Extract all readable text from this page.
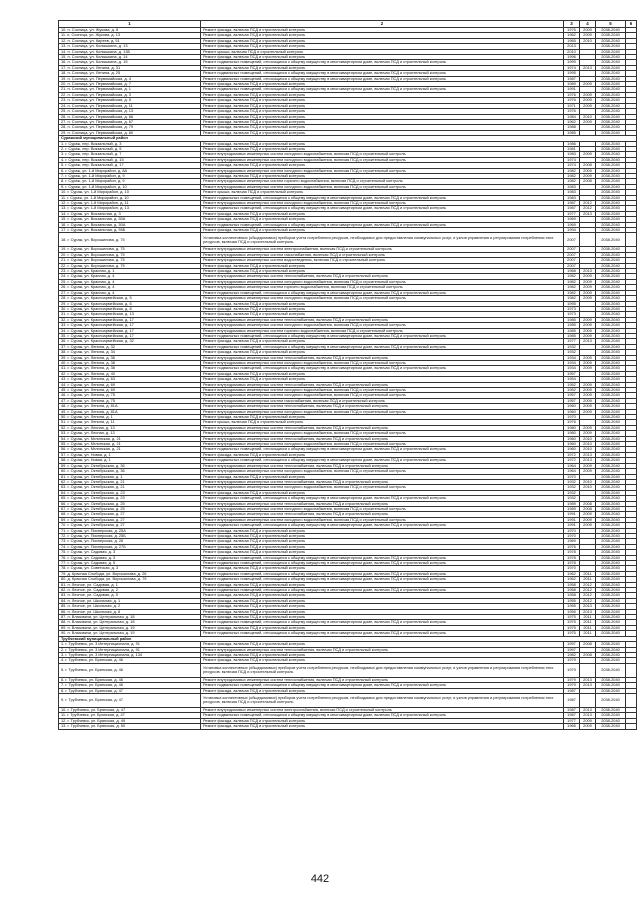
1	2	3	4	5	6
10. п. Сосница, ул. Жукова, д. 8	Ремонт фасада, включая ПСД и строительный контроль	1976	2009	2038-2040	
11. п. Сосница, ул. Жукова, д. 13	Ремонт фасада, включая ПСД и строительный контроль	1962	2009	2038-2040	
12. п. Сосница, ул. Киреев, д. 51	Ремонт фасада, включая ПСД и строительный контроль	1965	2010	2038-2040	
13. п. Сосница, ул. Колышкина, д. 13	Ремонт фасада, включая ПСД и строительный контроль	2013		2038-2040	
14. п. Сосница, ул. Колышкина, д. 13Б	Ремонт крыши, включая ПСД и строительный контроль	2010		2038-2040	
15. п. Сосница, ул. Колышкина, д. 14	Ремонт фасада, включая ПСД и строительный контроль	1996		2038-2040	
16. п. Сосница, ул. Колышкина, д. 15	Ремонт подвальных помещений, относящихся к общему имуществу в многоквартирном доме, включая ПСД и строительный контроль	1999		2038-2040	
17. п. Сосница, ул. Ленина, д. 31	Ремонт фасада, включая ПСД и строительный контроль	1974	2013	2038-2040	
18. п. Сосница, ул. Ленина, д. 25	Ремонт подвальных помещений, относящихся к общему имуществу в многоквартирном доме, включая ПСД и строительный контроль	1995		2038-2040	
19. п. Сосница, ул. Первомайская, д. 4	Ремонт подвальных помещений, относящихся к общему имуществу в многоквартирном доме, включая ПСД и строительный контроль	1987		2038-2040	
20. п. Сосница, ул. Первомайская, д. 7	Ремонт фасада, включая ПСД и строительный контроль	1989	2009	2038-2040	
21. п. Сосница, ул. Первомайская, д. 1	Ремонт подвальных помещений, относящихся к общему имуществу в многоквартирном доме, включая ПСД и строительный контроль	1991		2038-2040	
22. п. Сосница, ул. Первомайская, д. 3	Ремонт фасада, включая ПСД и строительный контроль	1976	2009	2038-2040	
23. п. Сосница, ул. Первомайская, д. 5	Ремонт фасада, включая ПСД и строительный контроль	1976	2009	2038-2040	
24. п. Сосница, ул. Первомайская, д. 11	Ремонт фасада, включая ПСД и строительный контроль	1971	2009	2038-2040	
25. п. Сосница, ул. Первомайская, д. 13	Ремонт фасада, включая ПСД и строительный контроль	1976		2038-2040	
26. п. Сосница, ул. Первомайская, д. 66	Ремонт фасада, включая ПСД и строительный контроль	1984	2010	2038-2040	
27. п. Сосница, ул. Первомайская, д. 67	Ремонт фасада, включая ПСД и строительный контроль	1962	2009	2038-2040	
28. п. Сосница, ул. Первомайская, д. 79	Ремонт фасада, включая ПСД и строительный контроль	1988		2038-2040	
29. п. Сосница, ул. Первомайская, д. 80	Ремонт фасада, включая ПСД и строительный контроль	1985		2038-2040	
Суражский муниципальный район					
1. г. Сураж, пер. Вокзальный, д. 3	Ремонт фасада, включая ПСД и строительный контроль	1986		2038-2040	
2. г. Сураж, пер. Вокзальный, д. 5	Ремонт фасада, включая ПСД и строительный контроль	1981		2038-2040	
3. г. Сураж, пер. Вокзальный, д. 7	Ремонт внутридомовых инженерных систем холодного водоснабжения, включая ПСД и строительный контроль	1983	2009	2038-2040	
4. г. Сураж, пер. Вокзальный, д. 15	Ремонт внутридомовых инженерных систем холодного водоснабжения, включая ПСД и строительный контроль	1974		2038-2040	
5. г. Сураж, пер. Вокзальный, д. 17	Ремонт фасада, включая ПСД и строительный контроль	1974	2008	2038-2040	
6. г. Сураж, ул. 1-й Мирорайон, д. 8А	Ремонт внутридомовых инженерных систем холодного водоснабжения, включая ПСД и строительный контроль	1982	2009	2038-2040	
7. г. Сураж, ул. 1-й Мирорайон, д. 9	Ремонт фасада, включая ПСД и строительный контроль	1982	2009	2038-2040	
8. г. Сураж, ул. 1-й Мирорайон, д. 9	Ремонт внутридомовых инженерных систем горячего водоснабжения, включая ПСД и строительный контроль	1982	2008	2038-2040	
9. г. Сураж, ул. 1-й Мирорайон, д. 10	Ремонт внутридомовых инженерных систем холодного водоснабжения, включая ПСД и строительный контроль	1983		2038-2040	
10. г. Сураж, ул. 1-й Мирорайон, д. 10	Ремонт крыши, включая ПСД и строительный контроль	1983		2038-2040	
11. г. Сураж, ул. 1-й Мирорайон, д. 10	Ремонт подвальных помещений, относящихся к общему имуществу в многоквартирном доме, включая ПСД и строительный контроль	1983		2038-2040	
12. г. Сураж, ул. 1-й Мирорайон, д. 11	Ремонт внутридомовых инженерных систем холодного водоснабжения, включая ПСД и строительный контроль	1987	2012	2038-2040	
13. г. Сураж, ул. 1-й Мирорайон, д. 13	Ремонт подвальных помещений, относящихся к общему имуществу в многоквартирном доме, включая ПСД и строительный контроль	1987	2012	2038-2040	
14. г. Сураж, ул. Вокзальная, д. 3	Ремонт фасада, включая ПСД и строительный контроль	1977	2013	2038-2040	
15. г. Сураж, ул. Вокзальная, д. 50А	Ремонт фасада, включая ПСД и строительный контроль	1969		2038-2040	
16. г. Сураж, ул. Вокзальная, д. 50А	Ремонт подвальных помещений, относящихся к общему имуществу в многоквартирном доме, включая ПСД и строительный контроль	1969		2038-2040	
17. г. Сураж, ул. Вокзальная, д. 55Б	Ремонт фасада, включая ПСД и строительный контроль	1994		2038-2040	
18. г. Сураж, ул. Ворошилова, д. 75	Установка коллективных (общедомовых) приборов учета потребления ресурсов, необходимых для предоставления коммунальных услуг, и узлов управления и регулирования потребления этих ресурсов, включая ПСД и строительный контроль	2007		2038-2040	
19. г. Сураж, ул. Ворошилова, д. 75	Ремонт внутридомовых инженерных систем электроснабжения, включая ПСД и строительный контроль	2007		2038-2040	
20. г. Сураж, ул. Ворошилова, д. 75	Ремонт внутридомовых инженерных систем газоснабжения, включая ПСД и строительный контроль	2007		2038-2040	
21. г. Сураж, ул. Ворошилова, д. 75	Ремонт внутридомовых инженерных систем водоотведения, включая ПСД и строительный контроль	2007		2038-2040	
22. г. Сураж, ул. Ворошилова, д. 75	Ремонт фасада, включая ПСД и строительный контроль	2007		2038-2040	
23. г. Сураж, ул. Красная, д. 1	Ремонт фасада, включая ПСД и строительный контроль	1968	2013	2038-2040	
24. г. Сураж, ул. Красная, д. 4	Ремонт внутридомовых инженерных систем теплоснабжения, включая ПСД и строительный контроль	1982	2009	2038-2040	
25. г. Сураж, ул. Красная, д. 4	Ремонт внутридомовых инженерных систем холодного водоснабжения, включая ПСД и строительный контроль	1982	2009	2038-2040	
26. г. Сураж, ул. Красная, д. 4	Ремонт внутридомовых инженерных систем горячего водоснабжения, включая ПСД и строительный контроль	1982	2009	2038-2040	
27. г. Сураж, ул. Красная, д. 4	Ремонт подвальных помещений, относящихся к общему имуществу в многоквартирном доме, включая ПСД и строительный контроль	1982	2009	2038-2040	
28. г. Сураж, ул. Красноармейская, д. 5	Ремонт внутридомовых инженерных систем холодного водоснабжения, включая ПСД и строительный контроль	1982	2009	2038-2040	
29. г. Сураж, ул. Красноармейская, д. 6	Ремонт фасада, включая ПСД и строительный контроль	1995		2038-2040	
30. г. Сураж, ул. Красноармейская, д. 8	Ремонт фасада, включая ПСД и строительный контроль	1973		2038-2040	
31. г. Сураж, ул. Красноармейская, д. 13	Ремонт фасада, включая ПСД и строительный контроль	1973		2038-2040	
32. г. Сураж, ул. Красноармейская, д. 17	Ремонт внутридомовых инженерных систем теплоснабжения, включая ПСД и строительный контроль	1985	2009	2038-2040	
33. г. Сураж, ул. Красноармейская, д. 17	Ремонт внутридомовых инженерных систем холодного водоснабжения, включая ПСД и строительный контроль	1985	2009	2038-2040	
34. г. Сураж, ул. Красноармейская, д. 17	Ремонт внутридомовых инженерных систем горячего водоснабжения, включая ПСД и строительный контроль	1985	2009	2038-2040	
35. г. Сураж, ул. Красноармейская, д. 17	Ремонт подвальных помещений, относящихся к общему имуществу в многоквартирном доме, включая ПСД и строительный контроль	1985	2009	2038-2040	
36. г. Сураж, ул. Красноармейская, д. 32	Ремонт фасада, включая ПСД и строительный контроль	1977	2013	2038-2040	
37. г. Сураж, ул. Ленина, д. 32	Ремонт подвальных помещений, относящихся к общему имуществу в многоквартирном доме, включая ПСД и строительный контроль	1932		2038-2040	
38. г. Сураж, ул. Ленина, д. 34	Ремонт фасада, включая ПСД и строительный контроль	1932		2038-2040	
39. г. Сураж, ул. Ленина, д. 36	Ремонт внутридомовых инженерных систем теплоснабжения, включая ПСД и строительный контроль	1934	2009	2038-2040	
40. г. Сураж, ул. Ленина, д. 38	Ремонт внутридомовых инженерных систем холодного водоснабжения, включая ПСД и строительный контроль	1934	2009	2038-2040	
41. г. Сураж, ул. Ленина, д. 38	Ремонт подвальных помещений, относящихся к общему имуществу в многоквартирном доме, включая ПСД и строительный контроль	1934	2009	2038-2040	
42. г. Сураж, ул. Ленина, д. 40	Ремонт фасада, включая ПСД и строительный контроль	1957		2038-2040	
43. г. Сураж, ул. Ленина, д. 63	Ремонт фасада, включая ПСД и строительный контроль	1954		2038-2040	
44. г. Сураж, ул. Ленина, д. 69	Ремонт внутридомовых инженерных систем теплоснабжения, включая ПСД и строительный контроль	1952	2009	2038-2040	
45. г. Сураж, ул. Ленина, д. 69	Ремонт внутридомовых инженерных систем холодного водоснабжения, включая ПСД и строительный контроль	1952	2009	2038-2040	
46. г. Сураж, ул. Ленина, д. 75	Ремонт внутридомовых инженерных систем холодного водоснабжения, включая ПСД и строительный контроль	1957	2009	2038-2040	
47. г. Сураж, ул. Ленина, д. 75	Ремонт внутридомовых инженерных систем газоснабжения, включая ПСД и строительный контроль	1957	2009	2038-2040	
48. г. Сураж, ул. Ленина, д. 81А	Ремонт внутридомовых инженерных систем теплоснабжения, включая ПСД и строительный контроль	1960	2009	2038-2040	
49. г. Сураж, ул. Ленина, д. 81А	Ремонт внутридомовых инженерных систем холодного водоснабжения, включая ПСД и строительный контроль	1960	2009	2038-2040	
50. г. Сураж, ул. Ленина, д. 1	Ремонт фасада, включая ПСД и строительный контроль	1970		2038-2040	
51. г. Сураж, ул. Ленина, д. 11	Ремонт крыши, включая ПСД и строительный контроль	1976		2038-2040	
52. г. Сураж, ул. Лесная, д. 13	Ремонт внутридомовых инженерных систем теплоснабжения, включая ПСД и строительный контроль	1980	2009	2038-2040	
53. г. Сураж, ул. Лесная, д. 13	Ремонт внутридомовых инженерных систем холодного водоснабжения, включая ПСД и строительный контроль	1980	2009	2038-2040	
54. г. Сураж, ул. Мглинская, д. 21	Ремонт внутридомовых инженерных систем теплоснабжения, включая ПСД и строительный контроль	1960	2010	2038-2040	
55. г. Сураж, ул. Мглинская, д. 21	Ремонт внутридомовых инженерных систем холодного водоснабжения, включая ПСД и строительный контроль	1960	2010	2038-2040	
56. г. Сураж, ул. Мглинская, д. 21	Ремонт подвальных помещений, относящихся к общему имуществу в многоквартирном доме, включая ПСД и строительный контроль	1960	2010	2038-2040	
57. г. Сураж, ул. Новая, д. 1	Ремонт фасада, включая ПСД и строительный контроль	1972	2013	2038-2040	
58. г. Сураж, ул. Новая, д. 1	Ремонт подвальных помещений, относящихся к общему имуществу в многоквартирном доме, включая ПСД и строительный контроль	1972	2013	2038-2040	
59. г. Сураж, ул. Октябрьская, д. 36	Ремонт внутридомовых инженерных систем теплоснабжения, включая ПСД и строительный контроль	1964	2009	2038-2040	
60. г. Сураж, ул. Октябрьская, д. 36	Ремонт внутридомовых инженерных систем холодного водоснабжения, включая ПСД и строительный контроль	1964	2009	2038-2040	
61. г. Сураж, ул. Октябрьская, д. 1	Ремонт фасада, включая ПСД и строительный контроль	1970		2038-2040	
62. г. Сураж, ул. Октябрьская, д. 21	Ремонт внутридомовых инженерных систем теплоснабжения, включая ПСД и строительный контроль	1932	2010	2038-2040	
63. г. Сураж, ул. Октябрьская, д. 21	Ремонт внутридомовых инженерных систем холодного водоснабжения, включая ПСД и строительный контроль	1932	2010	2038-2040	
64. г. Сураж, ул. Октябрьская, д. 23	Ремонт фасада, включая ПСД и строительный контроль	1932		2038-2040	
65. г. Сураж, ул. Октябрьская, д. 23	Ремонт подвальных помещений, относящихся к общему имуществу в многоквартирном доме, включая ПСД и строительный контроль	1932		2038-2040	
66. г. Сураж, ул. Октябрьская, д. 25	Ремонт внутридомовых инженерных систем теплоснабжения, включая ПСД и строительный контроль	1989	2008	2038-2040	
67. г. Сураж, ул. Октябрьская, д. 25	Ремонт внутридомовых инженерных систем холодного водоснабжения, включая ПСД и строительный контроль	1989	2008	2038-2040	
68. г. Сураж, ул. Октябрьская, д. 27	Ремонт внутридомовых инженерных систем теплоснабжения, включая ПСД и строительный контроль	1991	2009	2038-2040	
69. г. Сураж, ул. Октябрьская, д. 27	Ремонт внутридомовых инженерных систем холодного водоснабжения, включая ПСД и строительный контроль	1991	2009	2038-2040	
70. г. Сураж, ул. Октябрьская, д. 27	Ремонт подвальных помещений, относящихся к общему имуществу в многоквартирном доме, включая ПСД и строительный контроль	1991	2009	2038-2040	
71. г. Сураж, ул. Пионерская, д. 25А	Ремонт фасада, включая ПСД и строительный контроль	1970		2038-2040	
72. г. Сураж, ул. Пионерская, д. 25Б	Ремонт фасада, включая ПСД и строительный контроль	1970		2038-2040	
73. г. Сураж, ул. Пионерская, д. 26	Ремонт фасада, включая ПСД и строительный контроль	1969		2038-2040	
74. г. Сураж, ул. Пионерская, д. 27Б	Ремонт фасада, включая ПСД и строительный контроль	1976		2038-2040	
75. г. Сураж, ул. Садовая, д. 3	Ремонт фасада, включая ПСД и строительный контроль	1978		2038-2040	
76. г. Сураж, ул. Садовая, д. 3	Ремонт подвальных помещений, относящихся к общему имуществу в многоквартирном доме, включая ПСД и строительный контроль	1978		2038-2040	
77. г. Сураж, ул. Садовая, д. 5	Ремонт подвальных помещений, относящихся к общему имуществу в многоквартирном доме, включая ПСД и строительный контроль	1978		2038-2040	
78. г. Сураж, ул. Советская, д. 3	Ремонт фасада, включая ПСД и строительный контроль	1970		2038-2040	
79. д. Красная Слобода, ул. Ворошилова, д. 26	Ремонт подвальных помещений, относящихся к общему имуществу в многоквартирном доме, включая ПСД и строительный контроль	1962	2011	2038-2040	
80. д. Красная Слобода, ул. Ворошилова, д. 79	Ремонт подвальных помещений, относящихся к общему имуществу в многоквартирном доме, включая ПСД и строительный контроль	1962	2011	2038-2040	
81. п. Лесное, ул. Садовая, д. 1	Ремонт фасада, включая ПСД и строительный контроль	1958	2012	2038-2040	
82. п. Лесное, ул. Садовая, д. 2	Ремонт подвальных помещений, относящихся к общему имуществу в многоквартирном доме, включая ПСД и строительный контроль	1958	2012	2038-2040	
83. п. Лесное, ул. Садовая, д. 5	Ремонт фасада, включая ПСД и строительный контроль	1958	2012	2038-2040	
84. п. Лесное, ул. Школьная, д. 1	Ремонт фасада, включая ПСД и строительный контроль	1955	2012	2038-2040	
85. п. Лесное, ул. Школьная, д. 2	Ремонт фасада, включая ПСД и строительный контроль	1955	2013	2038-2040	
86. п. Лесное, ул. Школьная, д. 8	Ремонт фасада, включая ПСД и строительный контроль	1955	2013	2038-2040	
87. п. Влазовичи, ул. Центральная, д. 18	Ремонт фасада, включая ПСД и строительный контроль	1975	2011	2038-2040	
88. п. Влазовичи, ул. Центральная, д. 18	Ремонт подвальных помещений, относящихся к общему имуществу в многоквартирном доме, включая ПСД и строительный контроль	1975	2011	2038-2040	
89. п. Влазовичи, ул. Центральная, д. 19	Ремонт фасада, включая ПСД и строительный контроль	1975	2011	2038-2040	
90. п. Влазовичи, ул. Центральная, д. 19	Ремонт подвальных помещений, относящихся к общему имуществу в многоквартирном доме, включая ПСД и строительный контроль	1975	2011	2038-2040	
Трубчевский муниципальный район					
1. г. Трубчевск, ул. 3 Интернационала, д. 91	Ремонт фасада, включая ПСД и строительный контроль	1997	2008	2038-2040	
2. г. Трубчевск, ул. 3 Интернационала, д. 91	Ремонт внутридомовых инженерных систем теплоснабжения, включая ПСД и строительный контроль	1997		2038-2040	
3. г. Трубчевск, ул. 3 Интернационала, д. 134	Ремонт фасада, включая ПСД и строительный контроль	1982	2008	2038-2040	
4. г. Трубчевск, ул. Брянская, д. 46	Ремонт фасада, включая ПСД и строительный контроль	1979		2038-2040	
5. г. Трубчевск, ул. Брянская, д. 46	Установка коллективных (общедомовых) приборов учета потребления ресурсов, необходимых для предоставления коммунальных услуг, и узлов управления и регулирования потребления этих ресурсов, включая ПСД и строительный контроль	1979		2038-2040	
6. г. Трубчевск, ул. Брянская, д. 46	Ремонт внутридомовых инженерных систем теплоснабжения, включая ПСД и строительный контроль	1979	2013	2038-2040	
7. г. Трубчевск, ул. Брянская, д. 46	Ремонт подвальных помещений, относящихся к общему имуществу в многоквартирном доме, включая ПСД и строительный контроль	1979	2013	2038-2040	
8. г. Трубчевск, ул. Брянская, д. 47	Ремонт фасада, включая ПСД и строительный контроль	1987		2038-2040	
9. г. Трубчевск, ул. Брянская, д. 47	Установка коллективных (общедомовых) приборов учета потребления ресурсов, необходимых для предоставления коммунальных услуг, и узлов управления и регулирования потребления этих ресурсов, включая ПСД и строительный контроль	1987		2038-2040	
10. г. Трубчевск, ул. Брянская, д. 47	Ремонт внутридомовых инженерных систем электроснабжения, включая ПСД и строительный контроль	1987	2013	2038-2040	
11. г. Трубчевск, ул. Брянская, д. 47	Ремонт подвальных помещений, относящихся к общему имуществу в многоквартирном доме, включая ПСД и строительный контроль	1987	2013	2038-2040	
12. г. Трубчевск, ул. Брянская, д. 49	Ремонт фасада, включая ПСД и строительный контроль	1977	2009	2038-2040	
13. г. Трубчевск, ул. Брянская, д. 50	Ремонт фасада, включая ПСД и строительный контроль	1965	2009	2038-2040	
442
